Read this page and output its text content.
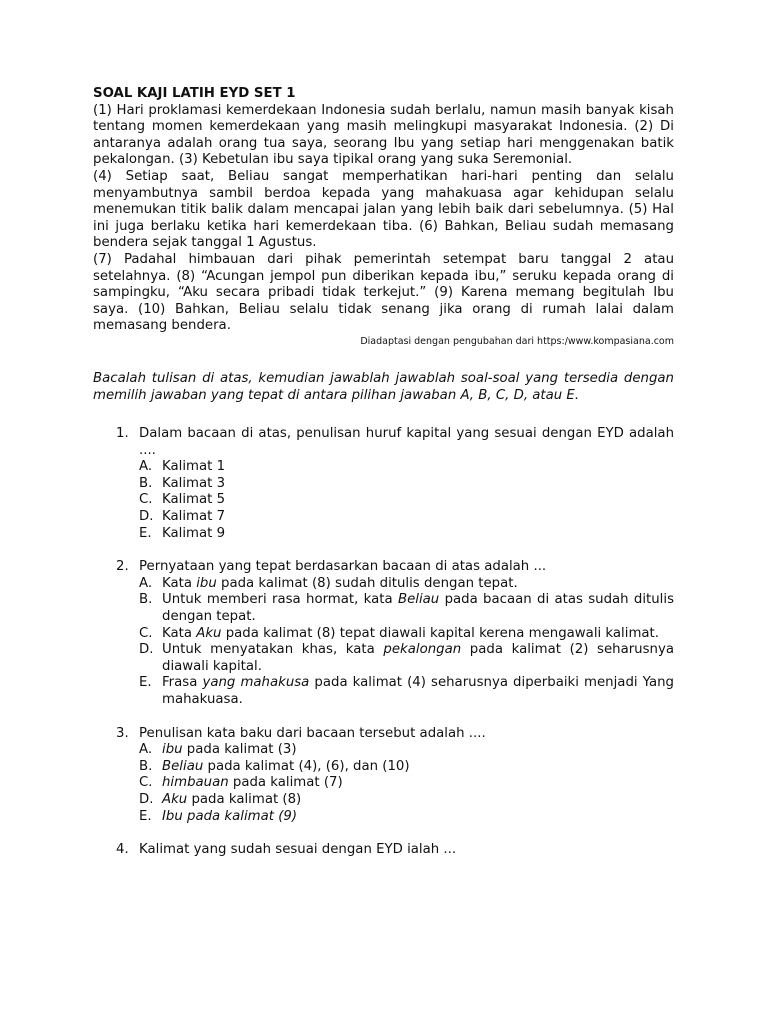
SOAL KAJI LATIH EYD SET 1

(1) Hari proklamasi kemerdekaan Indonesia sudah berlalu, namun masih banyak kisah tentang momen kemerdekaan yang masih melingkupi masyarakat Indonesia. (2) Di antaranya adalah orang tua saya, seorang Ibu yang setiap hari menggenakan batik pekalongan. (3) Kebetulan ibu saya tipikal orang yang suka Seremonial.

(4) Setiap saat, Beliau sangat memperhatikan hari-hari penting dan selalu menyambutnya sambil berdoa kepada yang mahakuasa agar kehidupan selalu menemukan titik balik dalam mencapai jalan yang lebih baik dari sebelumnya. (5) Hal ini juga berlaku ketika hari kemerdekaan tiba. (6) Bahkan, Beliau sudah memasang bendera sejak tanggal 1 Agustus.

(7) Padahal himbauan dari pihak pemerintah setempat baru tanggal 2 atau setelahnya. (8) “Acungan jempol pun diberikan kepada ibu,” seruku kepada orang di sampingku, “Aku secara pribadi tidak terkejut.” (9) Karena memang begitulah Ibu saya. (10) Bahkan, Beliau selalu tidak senang jika orang di rumah lalai dalam memasang bendera.

Diadaptasi dengan pengubahan dari https:/www.kompasiana.com

Bacalah tulisan di atas, kemudian jawablah jawablah soal-soal yang tersedia dengan memilih jawaban yang tepat di antara pilihan jawaban A, B, C, D, atau E.

1. Dalam bacaan di atas, penulisan huruf kapital yang sesuai dengan EYD adalah ....

A. Kalimat 1
B. Kalimat 3
C. Kalimat 5
D. Kalimat 7
E. Kalimat 9
2. Pernyataan yang tepat berdasarkan bacaan di atas adalah ...

A. Kata ibu pada kalimat (8) sudah ditulis dengan tepat.
B. Untuk memberi rasa hormat, kata Beliau pada bacaan di atas sudah ditulis dengan tepat.
C. Kata Aku pada kalimat (8) tepat diawali kapital kerena mengawali kalimat.
D. Untuk menyatakan khas, kata pekalongan pada kalimat (2) seharusnya diawali kapital.
E. Frasa yang mahakusa pada kalimat (4) seharusnya diperbaiki menjadi Yang mahakuasa.
3. Penulisan kata baku dari bacaan tersebut adalah ....

A. ibu pada kalimat (3)
B. Beliau pada kalimat (4), (6), dan (10)
C. himbauan pada kalimat (7)
D. Aku pada kalimat (8)
E. Ibu pada kalimat (9)
4. Kalimat yang sudah sesuai dengan EYD ialah ...
